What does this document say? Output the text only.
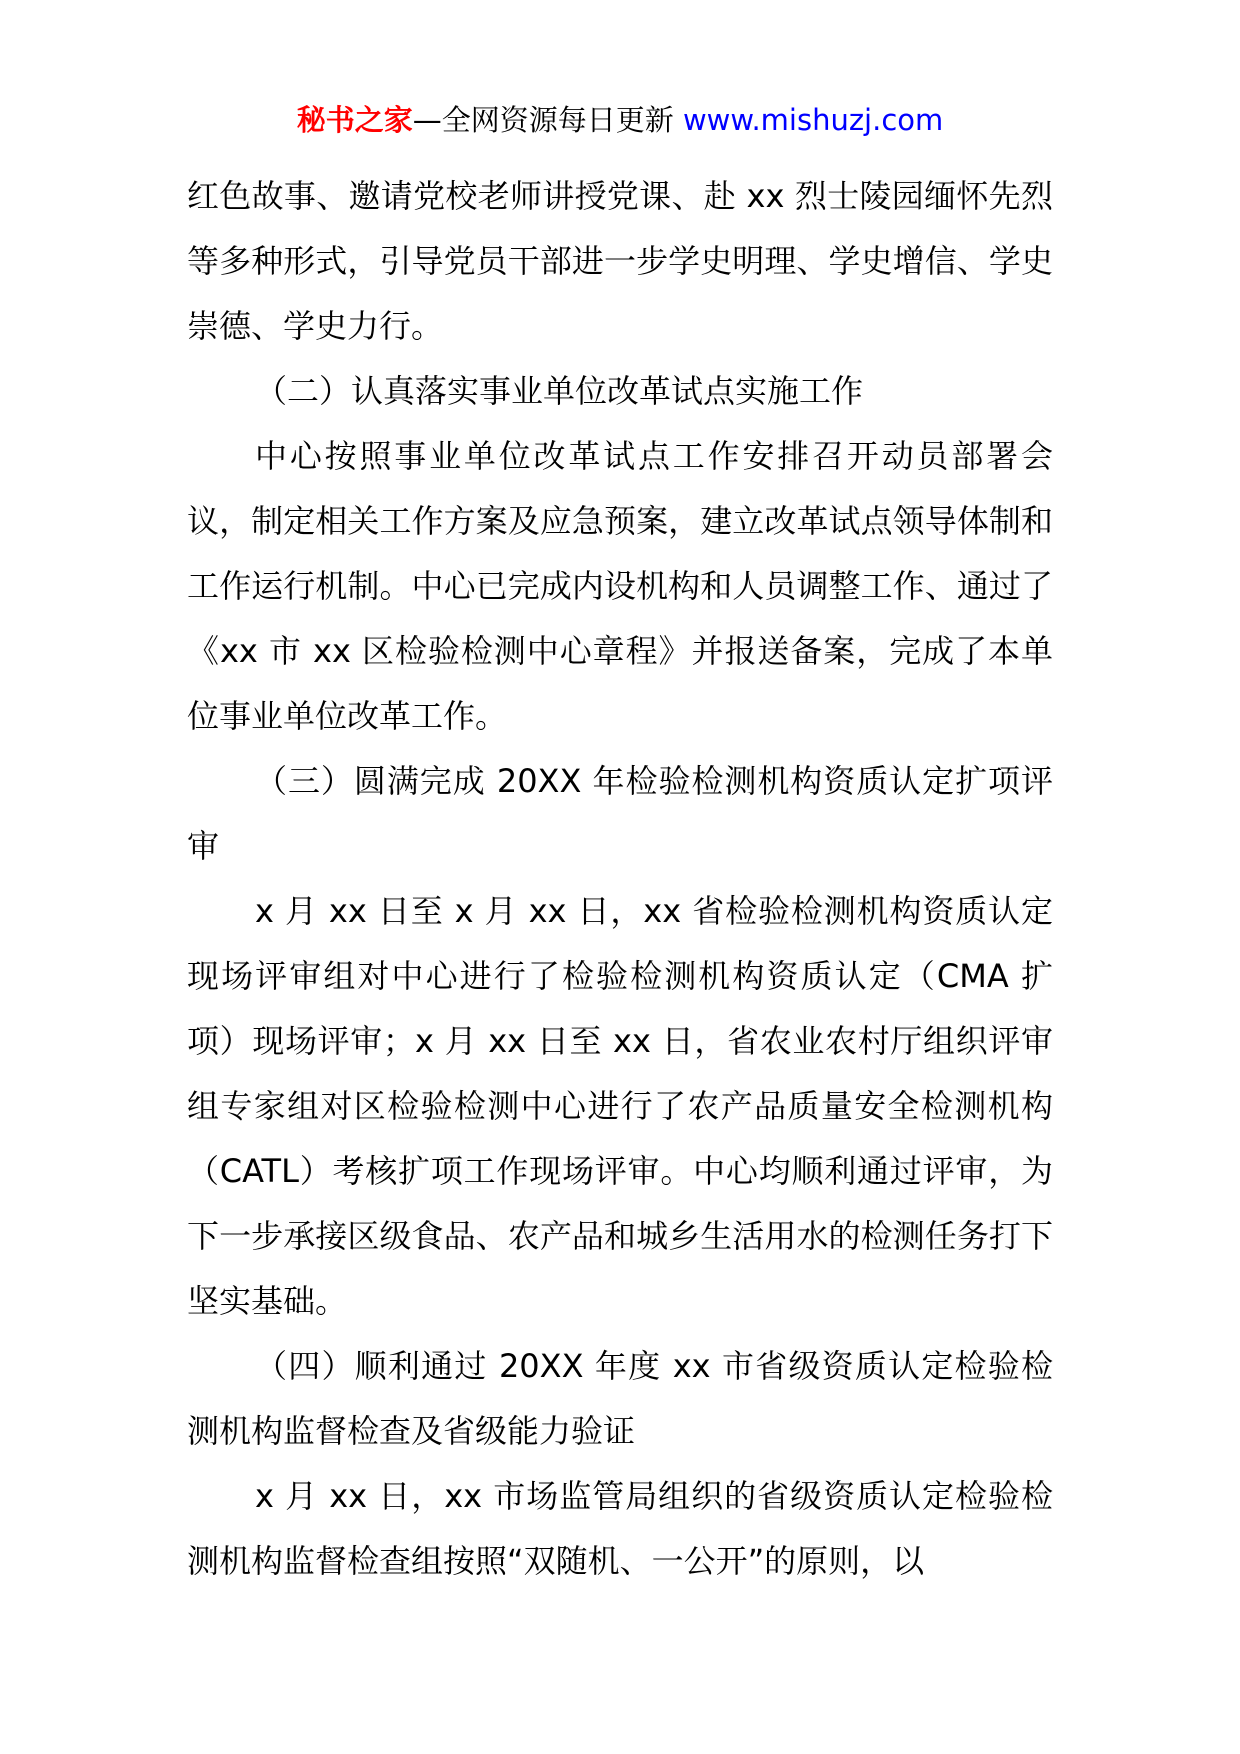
秘书之家—全网资源每日更新 www.mishuzj.com

红色故事、邀请党校老师讲授党课、赴 xx 烈士陵园缅怀先烈等多种形式，引导党员干部进一步学史明理、学史增信、学史崇德、学史力行。

（二）认真落实事业单位改革试点实施工作

中心按照事业单位改革试点工作安排召开动员部署会议，制定相关工作方案及应急预案，建立改革试点领导体制和工作运行机制。中心已完成内设机构和人员调整工作、通过了《xx 市 xx 区检验检测中心章程》并报送备案，完成了本单位事业单位改革工作。

（三）圆满完成 20XX 年检验检测机构资质认定扩项评审

x 月 xx 日至 x 月 xx 日，xx 省检验检测机构资质认定现场评审组对中心进行了检验检测机构资质认定（CMA 扩项）现场评审；x 月 xx 日至 xx 日，省农业农村厅组织评审组专家组对区检验检测中心进行了农产品质量安全检测机构（CATL）考核扩项工作现场评审。中心均顺利通过评审，为下一步承接区级食品、农产品和城乡生活用水的检测任务打下坚实基础。

（四）顺利通过 20XX 年度 xx 市省级资质认定检验检测机构监督检查及省级能力验证

x 月 xx 日，xx 市场监管局组织的省级资质认定检验检测机构监督检查组按照“双随机、一公开”的原则，以
